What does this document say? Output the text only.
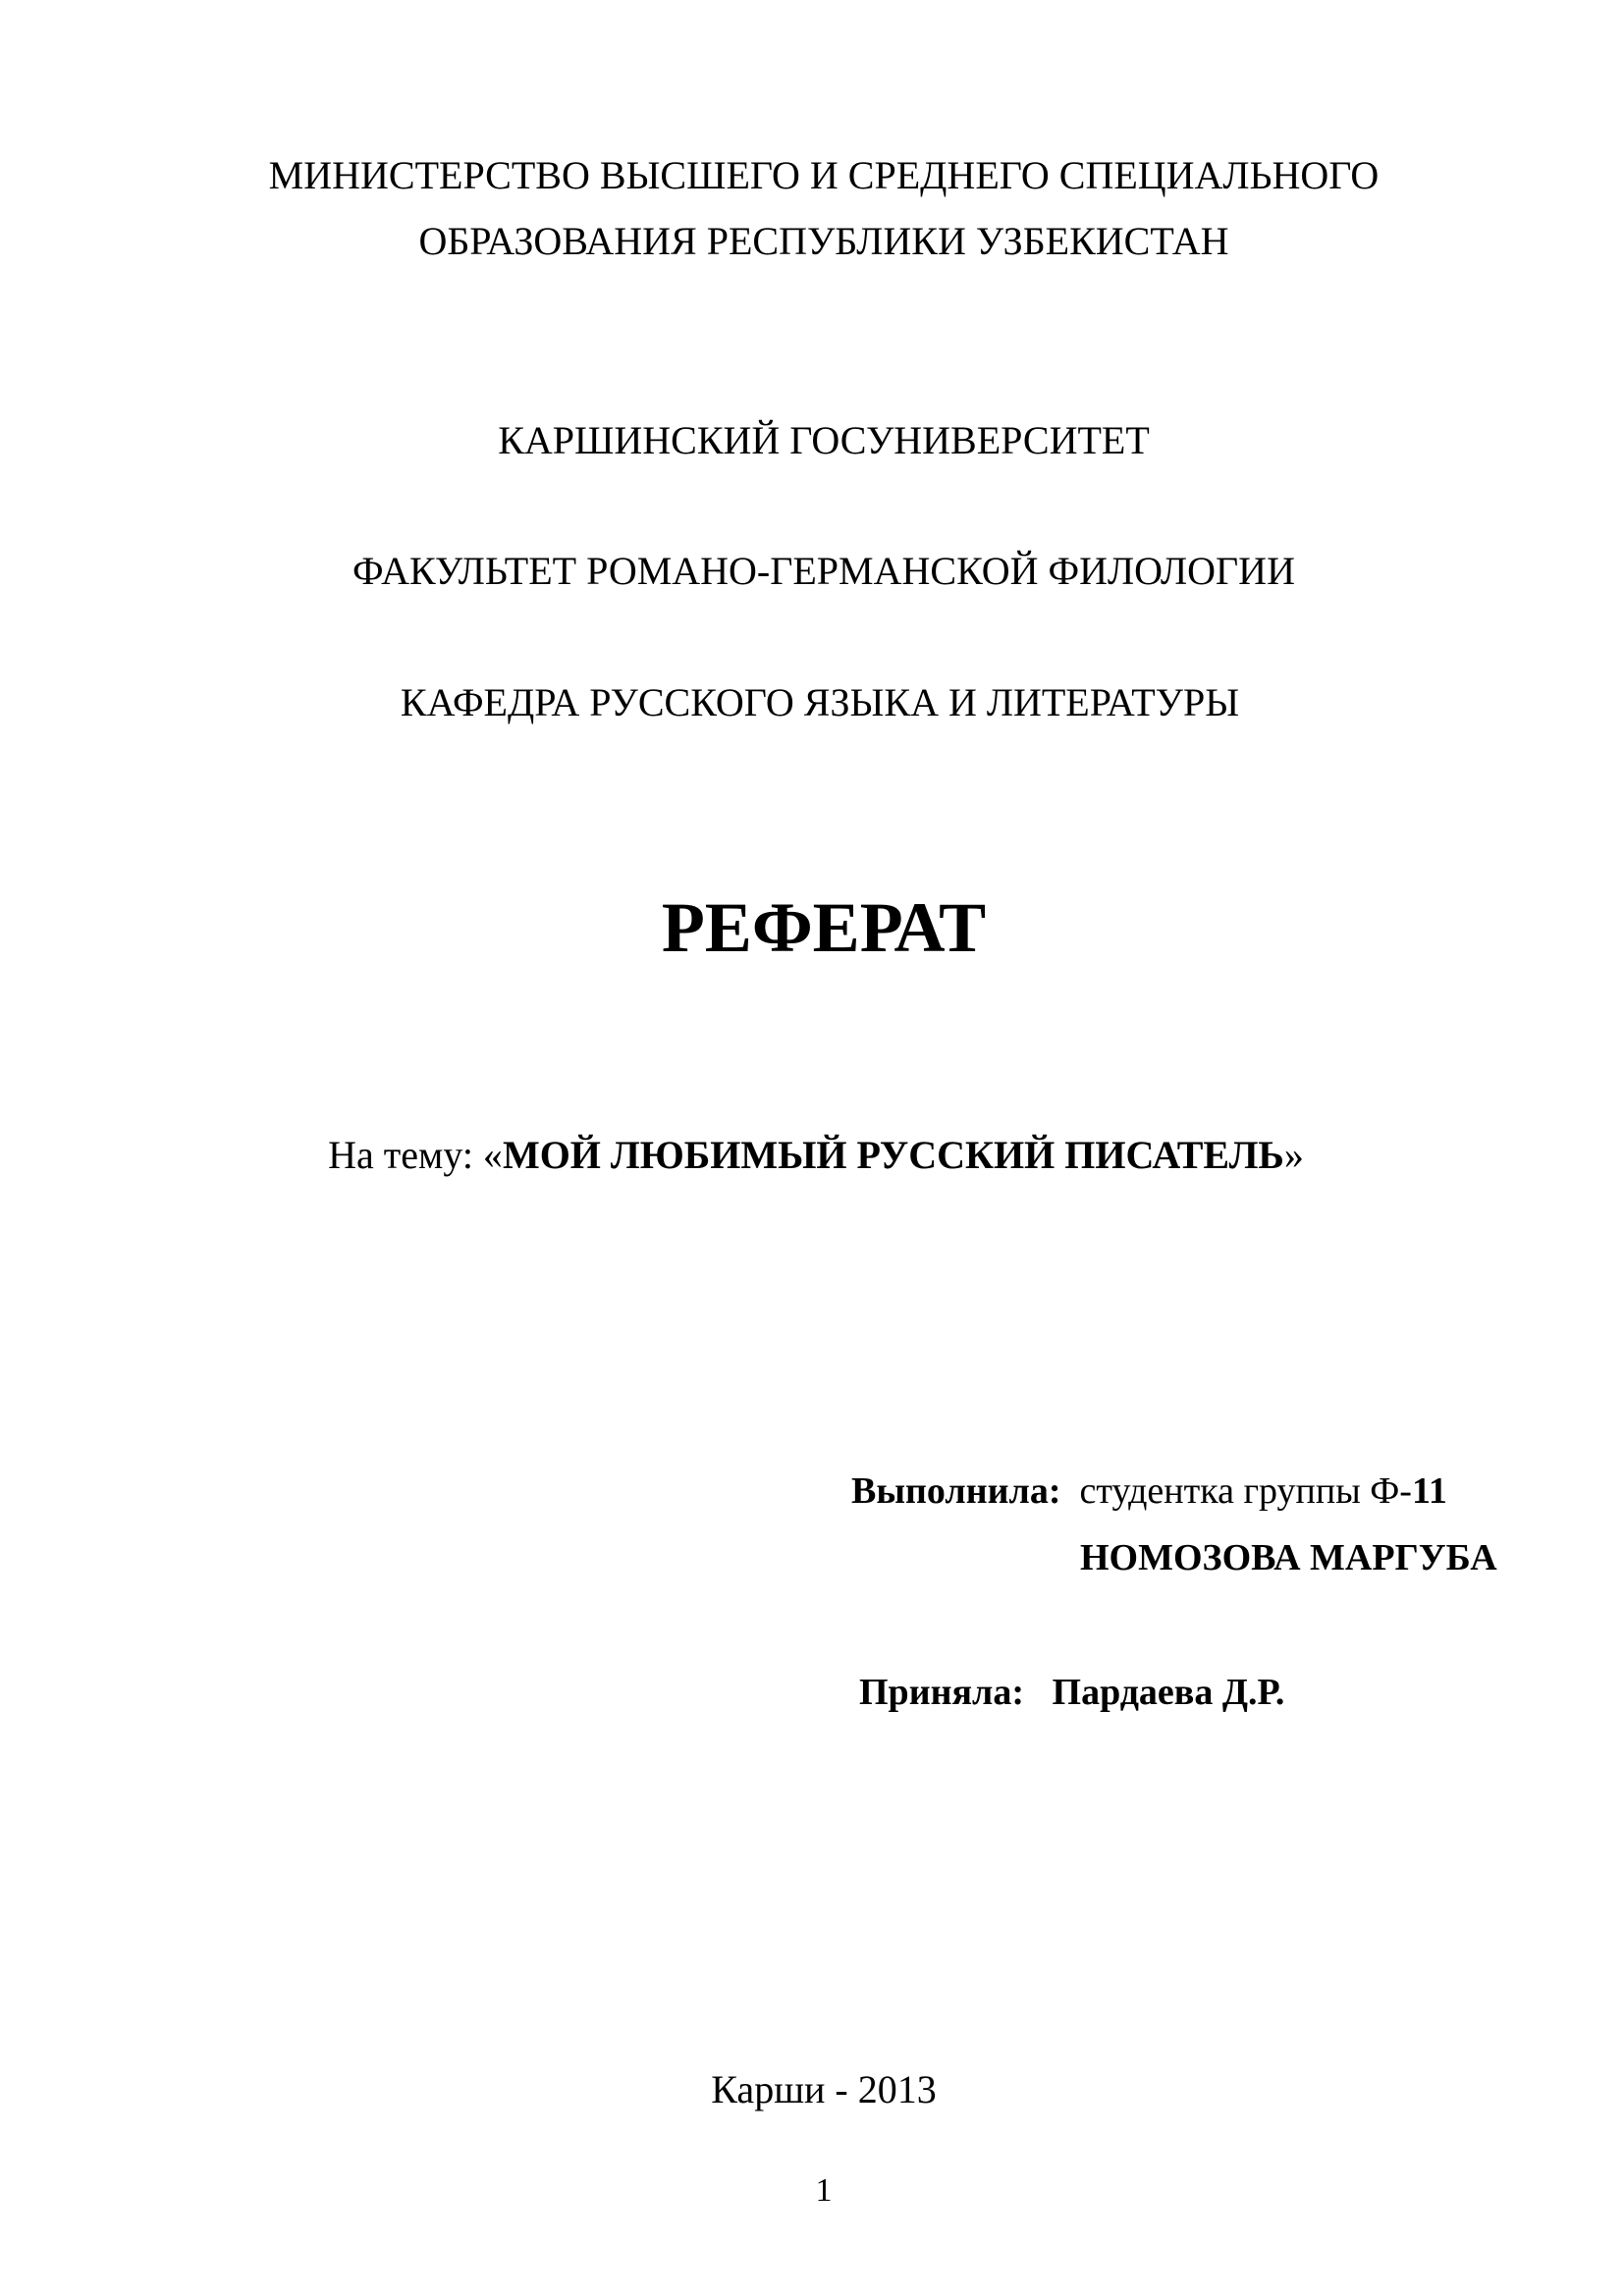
МИНИСТЕРСТВО ВЫСШЕГО И СРЕДНЕГО СПЕЦИАЛЬНОГО
ОБРАЗОВАНИЯ РЕСПУБЛИКИ УЗБЕКИСТАН
КАРШИНСКИЙ ГОСУНИВЕРСИТЕТ
ФАКУЛЬТЕТ РОМАНО-ГЕРМАНСКОЙ ФИЛОЛОГИИ
КАФЕДРА РУССКОГО ЯЗЫКА И ЛИТЕРАТУРЫ
РЕФЕРАТ
На тему: «МОЙ ЛЮБИМЫЙ РУССКИЙ ПИСАТЕЛЬ»
Выполнила: студентка группы Ф-11
НОМОЗОВА МАРГУБА
Приняла: Пардаева Д.Р.
Карши - 2013
1
